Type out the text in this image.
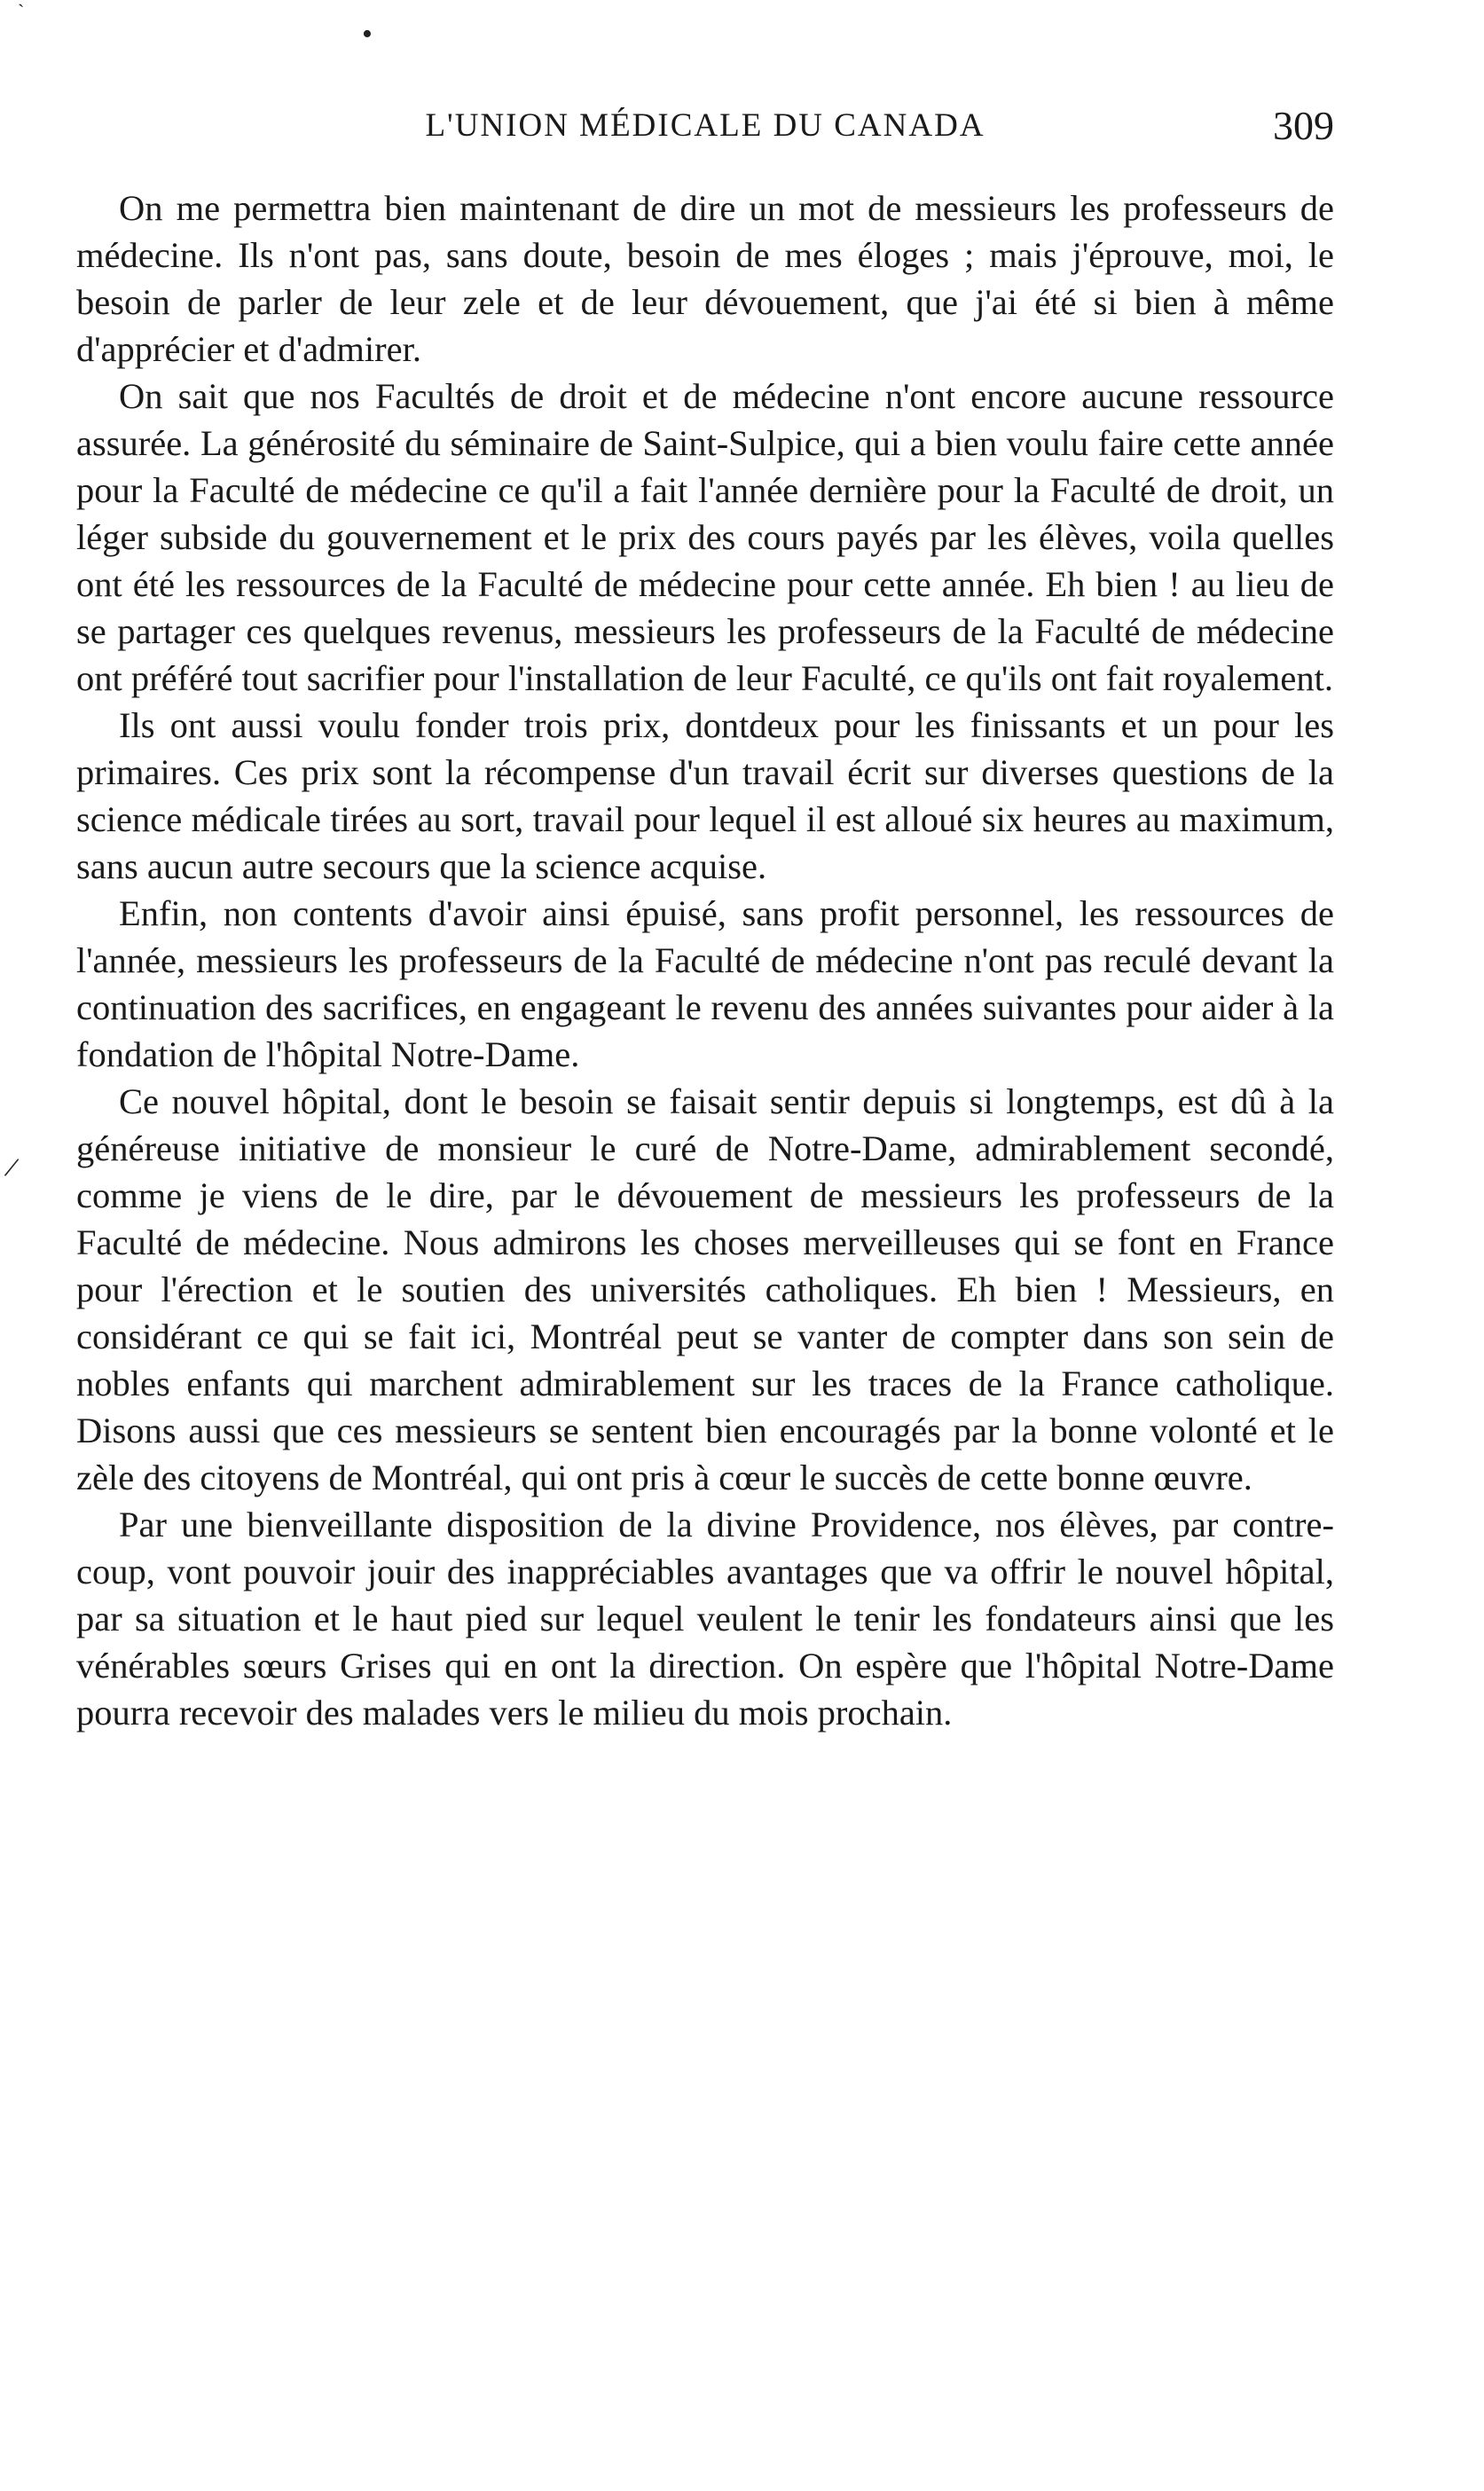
`
•
L'UNION MÉDICALE DU CANADA	309
/

On me permettra bien maintenant de dire un mot de messieurs les professeurs de médecine. Ils n'ont pas, sans doute, besoin de mes éloges ; mais j'éprouve, moi, le besoin de parler de leur zele et de leur dévouement, que j'ai été si bien à même d'apprécier et d'admirer.

On sait que nos Facultés de droit et de médecine n'ont encore aucune ressource assurée. La générosité du séminaire de Saint-Sulpice, qui a bien voulu faire cette année pour la Faculté de médecine ce qu'il a fait l'année dernière pour la Faculté de droit, un léger subside du gouvernement et le prix des cours payés par les élèves, voila quelles ont été les ressources de la Faculté de médecine pour cette année. Eh bien ! au lieu de se partager ces quelques revenus, messieurs les professeurs de la Faculté de médecine ont préféré tout sacrifier pour l'installation de leur Faculté, ce qu'ils ont fait royalement.

Ils ont aussi voulu fonder trois prix, dontdeux pour les finissants et un pour les primaires. Ces prix sont la récompense d'un travail écrit sur diverses questions de la science médicale tirées au sort, travail pour lequel il est alloué six heures au maximum, sans aucun autre secours que la science acquise.

Enfin, non contents d'avoir ainsi épuisé, sans profit personnel, les ressources de l'année, messieurs les professeurs de la Faculté de médecine n'ont pas reculé devant la continuation des sacrifices, en engageant le revenu des années suivantes pour aider à la fondation de l'hôpital Notre-Dame.

Ce nouvel hôpital, dont le besoin se faisait sentir depuis si longtemps, est dû à la généreuse initiative de monsieur le curé de Notre-Dame, admirablement secondé, comme je viens de le dire, par le dévouement de messieurs les professeurs de la Faculté de médecine. Nous admirons les choses merveilleuses qui se font en France pour l'érection et le soutien des universités catholiques. Eh bien ! Messieurs, en considérant ce qui se fait ici, Montréal peut se vanter de compter dans son sein de nobles enfants qui marchent admirablement sur les traces de la France catholique. Disons aussi que ces messieurs se sentent bien encouragés par la bonne volonté et le zèle des citoyens de Montréal, qui ont pris à cœur le succès de cette bonne œuvre.

Par une bienveillante disposition de la divine Providence, nos élèves, par contre-coup, vont pouvoir jouir des inappréciables avantages que va offrir le nouvel hôpital, par sa situation et le haut pied sur lequel veulent le tenir les fondateurs ainsi que les vénérables sœurs Grises qui en ont la direction. On espère que l'hôpital Notre-Dame pourra recevoir des malades vers le milieu du mois prochain.
